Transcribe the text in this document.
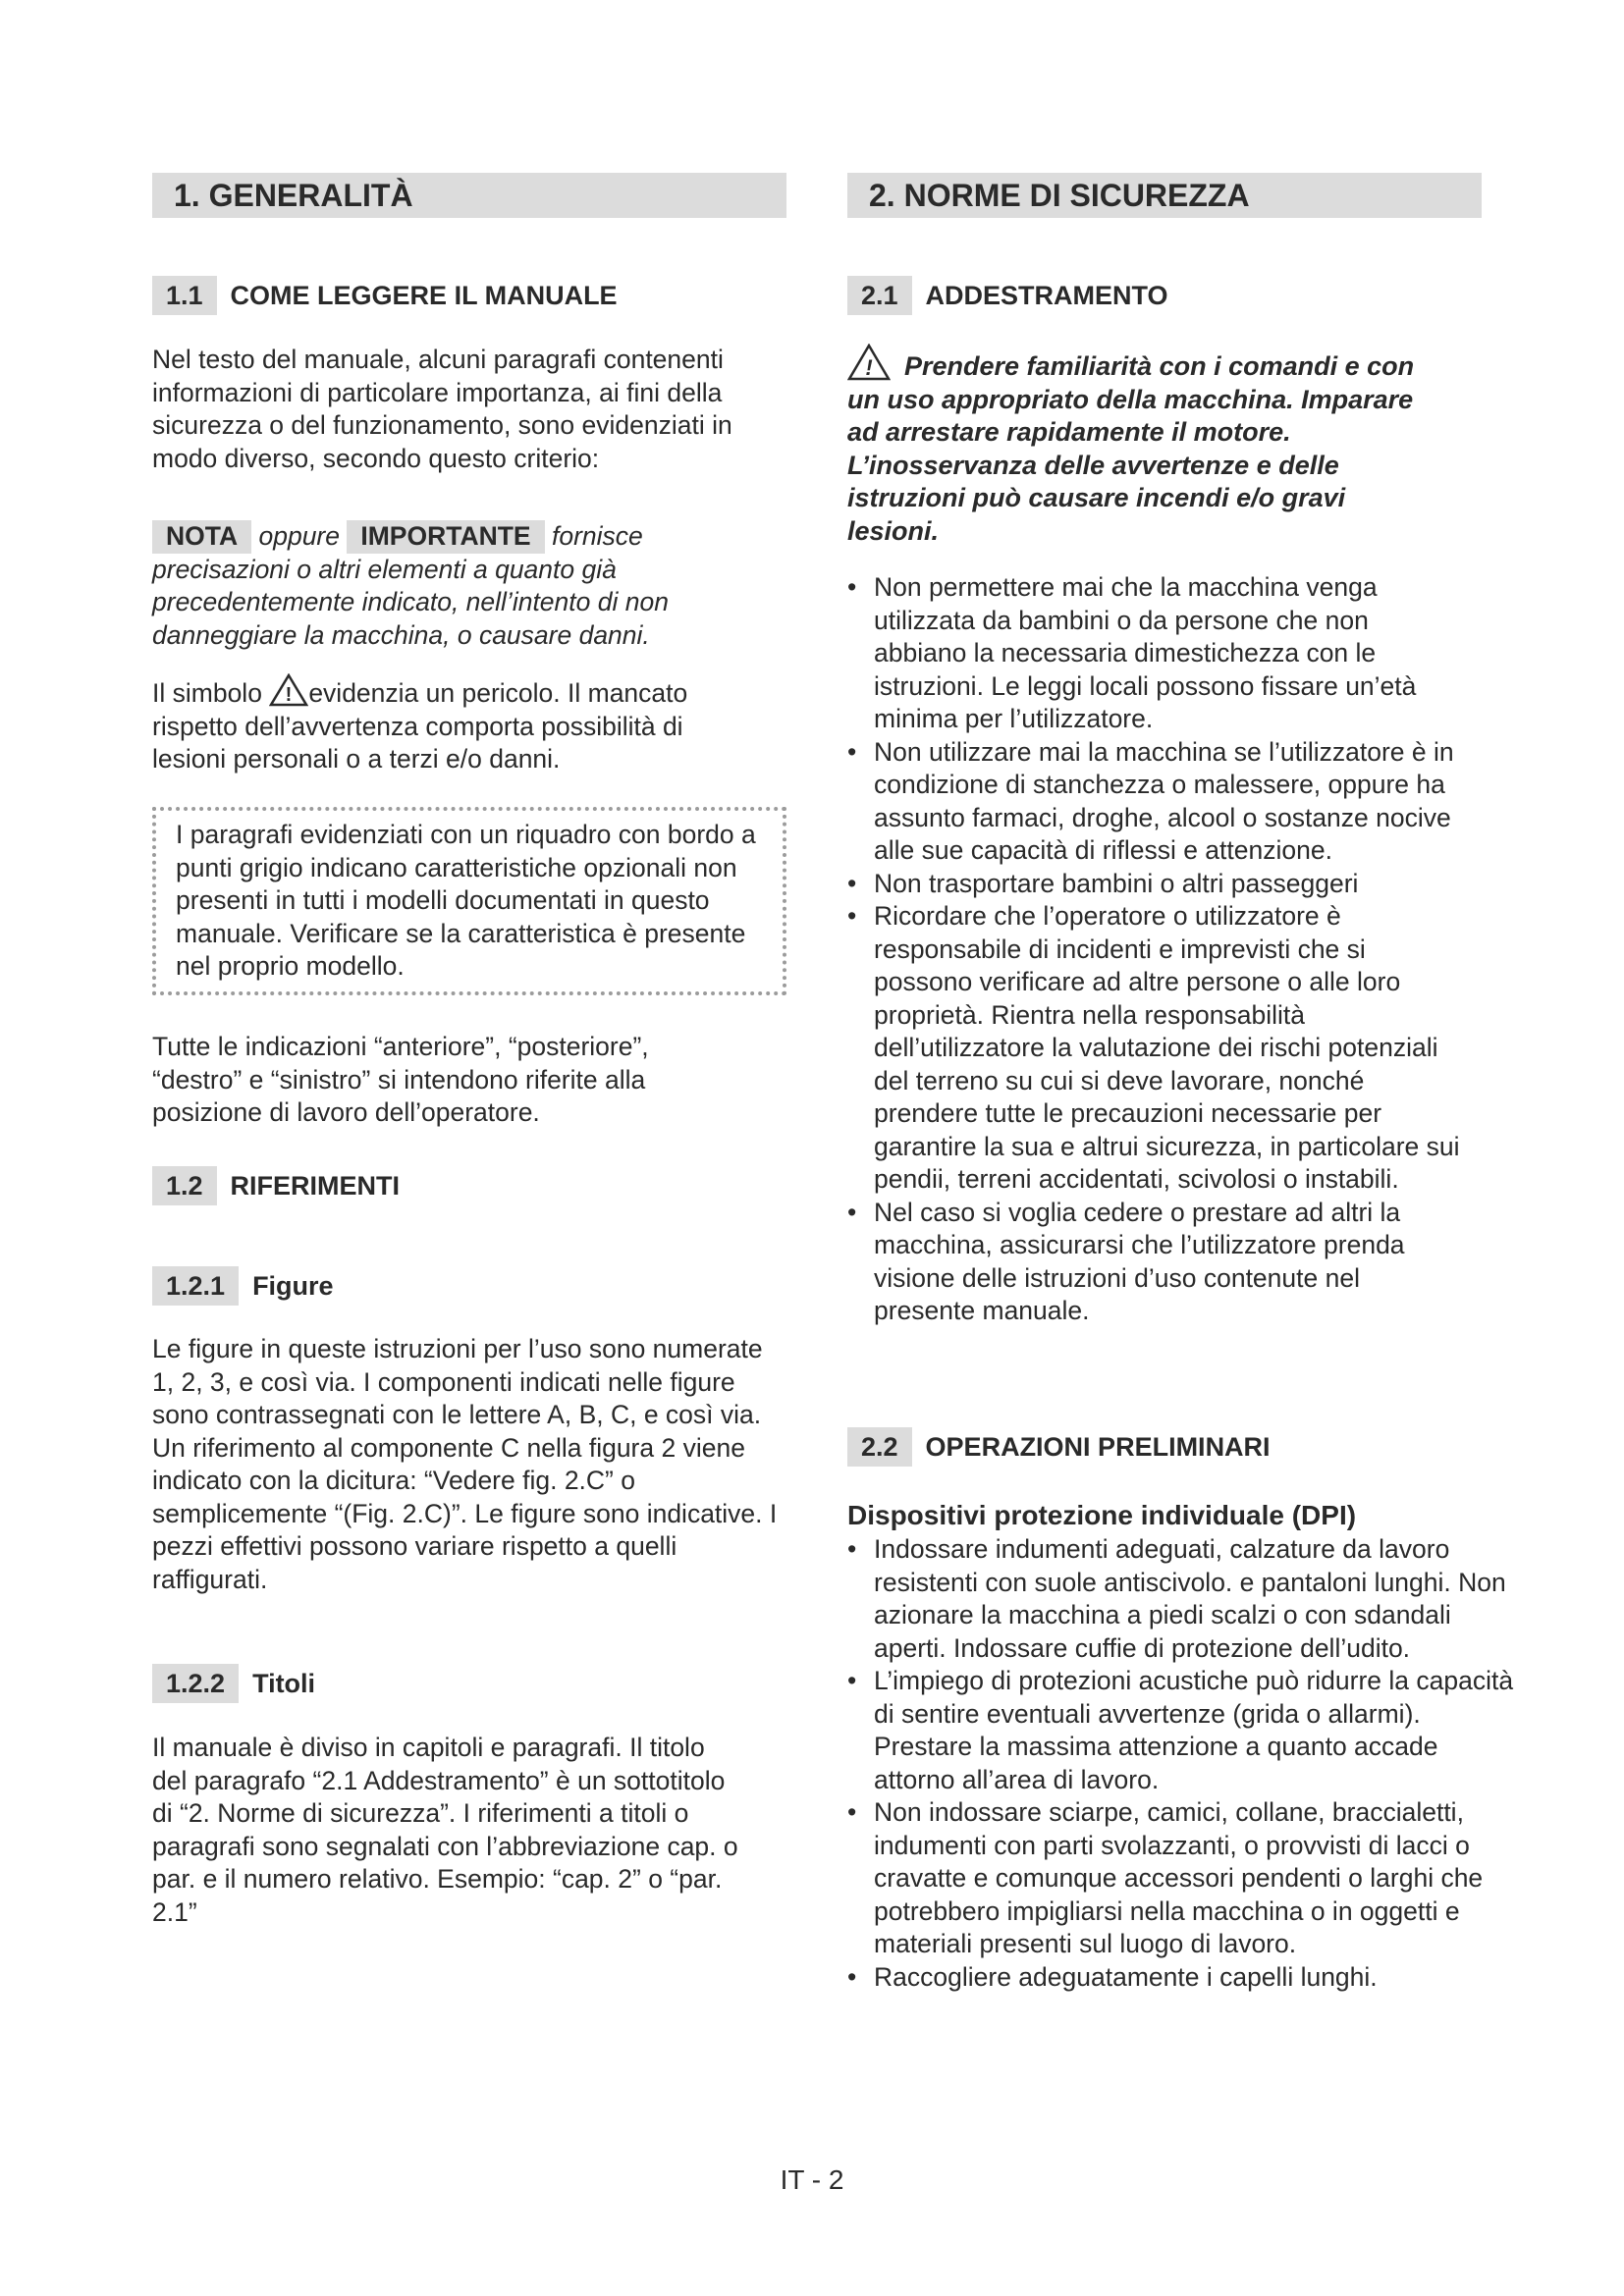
1. GENERALITÀ
1.1	COME LEGGERE IL MANUALE

Nel testo del manuale, alcuni paragrafi contenenti informazioni di particolare importanza, ai fini della sicurezza o del funzionamento, sono evidenziati in modo diverso, secondo questo criterio:

NOTA oppure IMPORTANTE fornisce precisazioni o altri elementi a quanto già precedentemente indicato, nell’intento di non danneggiare la macchina, o causare danni.

Il simbolo ! evidenzia un pericolo. Il mancato rispetto dell’avvertenza comporta possibilità di lesioni personali o a terzi e/o danni.

I paragrafi evidenziati con un riquadro con bordo a punti grigio indicano caratteristiche opzionali non presenti in tutti i modelli documentati in questo manuale. Verificare se la caratteristica è presente nel proprio modello.

Tutte le indicazioni “anteriore”, “posteriore”, “destro” e “sinistro” si intendono riferite alla posizione di lavoro dell’operatore.

1.2	RIFERIMENTI
1.2.1	Figure

Le figure in queste istruzioni per l’uso sono numerate 1, 2, 3, e così via. I componenti indicati nelle figure sono contrassegnati con le lettere A, B, C, e così via. Un riferimento al componente C nella figura 2 viene indicato con la dicitura: “Vedere fig. 2.C” o semplicemente “(Fig. 2.C)”. Le figure sono indicative. I pezzi effettivi possono variare rispetto a quelli raffigurati.

1.2.2	Titoli

Il manuale è diviso in capitoli e paragrafi. Il titolo del paragrafo “2.1 Addestramento” è un sottotitolo di “2. Norme di sicurezza”. I riferimenti a titoli o paragrafi sono segnalati con l’abbreviazione cap. o par. e il numero relativo. Esempio: “cap. 2” o “par. 2.1”

2. NORME DI SICUREZZA
2.1	ADDESTRAMENTO

! Prendere familiarità con i comandi e con un uso appropriato della macchina. Imparare ad arrestare rapidamente il motore. L’inosservanza delle avvertenze e delle istruzioni può causare incendi e/o gravi lesioni.

• Non permettere mai che la macchina venga utilizzata da bambini o da persone che non abbiano la necessaria dimestichezza con le istruzioni. Le leggi locali possono fissare un’età minima per l’utilizzatore.
• Non utilizzare mai la macchina se l’utilizzatore è in condizione di stanchezza o malessere, oppure ha assunto farmaci, droghe, alcool o sostanze nocive alle sue capacità di riflessi e attenzione.
• Non trasportare bambini o altri passeggeri
• Ricordare che l’operatore o utilizzatore è responsabile di incidenti e imprevisti che si possono verificare ad altre persone o alle loro proprietà. Rientra nella responsabilità dell’utilizzatore la valutazione dei rischi potenziali del terreno su cui si deve lavorare, nonché prendere tutte le precauzioni necessarie per garantire la sua e altrui sicurezza, in particolare sui pendii, terreni accidentati, scivolosi o instabili.
• Nel caso si voglia cedere o prestare ad altri la macchina, assicurarsi che l’utilizzatore prenda visione delle istruzioni d’uso contenute nel presente manuale.
2.2	OPERAZIONI PRELIMINARI

Dispositivi protezione individuale (DPI)

• Indossare indumenti adeguati, calzature da lavoro resistenti con suole antiscivolo. e pantaloni lunghi. Non azionare la macchina a piedi scalzi o con sdandali aperti. Indossare cuffie di protezione dell’udito.
• L’impiego di protezioni acustiche può ridurre la capacità di sentire eventuali avvertenze (grida o allarmi). Prestare la massima attenzione a quanto accade attorno all’area di lavoro.
• Non indossare sciarpe, camici, collane, braccialetti, indumenti con parti svolazzanti, o provvisti di lacci o cravatte e comunque accessori pendenti o larghi che potrebbero impigliarsi nella macchina o in oggetti e materiali presenti sul luogo di lavoro.
• Raccogliere adeguatamente i capelli lunghi.
IT - 2
